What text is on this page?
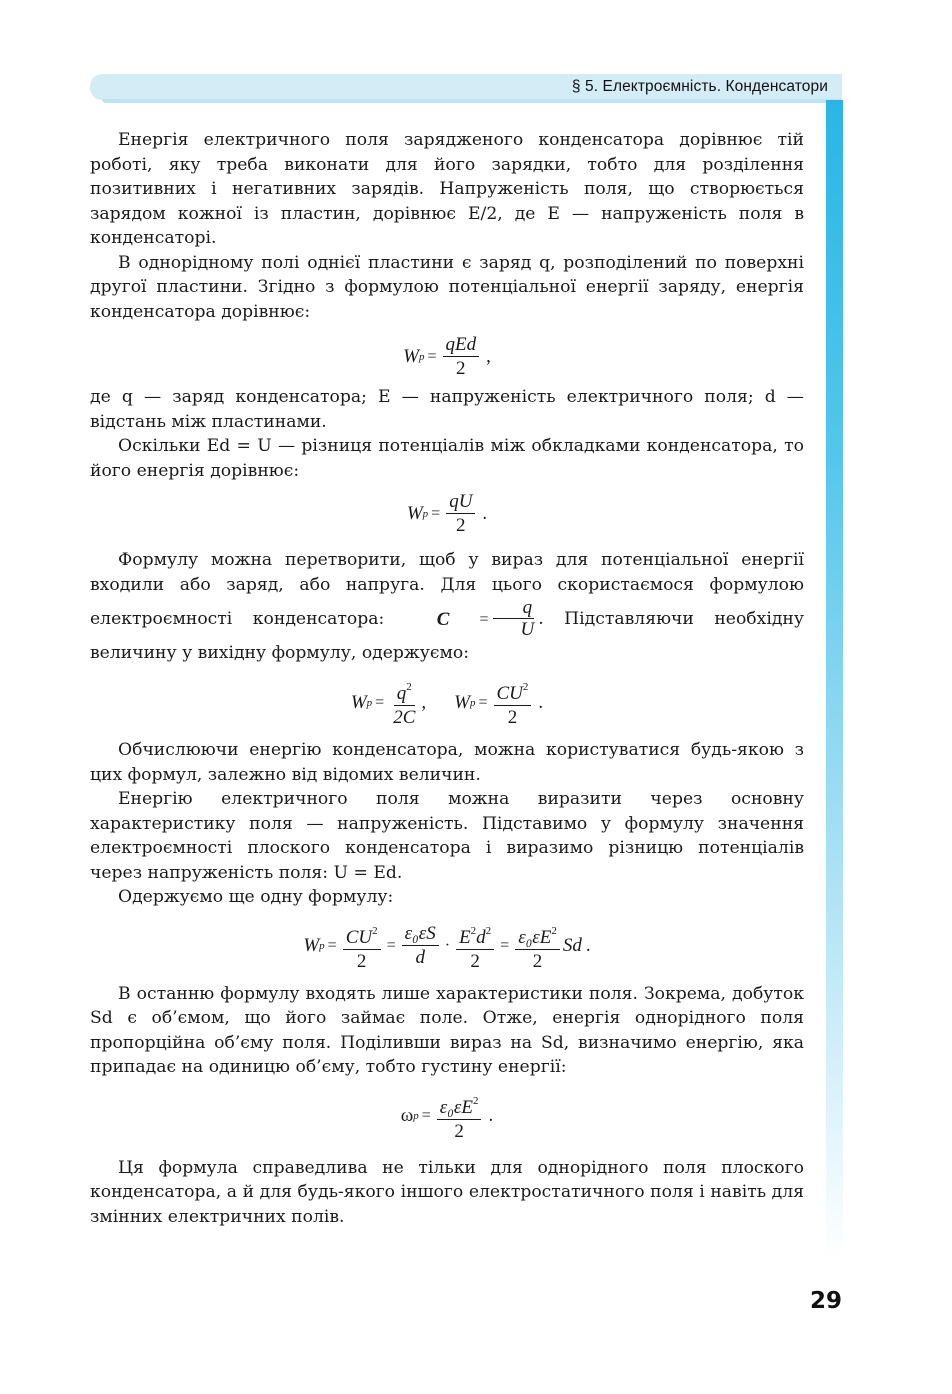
§ 5. Електроємність. Конденсатори

Енергія електричного поля зарядженого конденсатора дорівнює тій роботі, яку треба виконати для його зарядки, тобто для розділення позитивних і негативних зарядів. Напруженість поля, що створюється зарядом кожної із пластин, дорівнює E/2, де E — напруженість поля в конденсаторі.

В однорідному полі однієї пластини є заряд q, розподілений по поверхні другої пластини. Згідно з формулою потенціальної енергії заряду, енергія конденсатора дорівнює:

W $p = \frac{\text{qEd}}{2}$ ,

де q — заряд конденсатора; E — напруженість електричного поля; d — відстань між пластинами.

Оскільки Ed = U — різниця потенціалів між обкладками конденсатора, то його енергія дорівнює:

W $p = \frac{qU}{2}$ .

Формулу можна перетворити, щоб у вираз для потенціальної енергії входили або заряд, або напруга. Для цього скористаємося формулою електроємності конденсатора:	C	= $\frac{q}{U}$ . Підставляючи необхідну величину у вихідну формулу, одержуємо:

W $p = \frac{q^2}{2C}$ , W $p = \frac{CU^2}{2}$ .

Обчислюючи енергію конденсатора, можна користуватися будь-якою з цих формул, залежно від відомих величин.

Енергію електричного поля можна виразити через основну характеристику поля — напруженість. Підставимо у формулу значення електроємності плоского конденсатора і виразимо різницю потенціалів через напруженість поля: U = Ed.

Одержуємо ще одну формулу:

W $p = \frac{CU^2}{2} = \frac{\text{ε₀εS}}{d} \cdot \frac{E^2d^2}{2} = \frac{\varepsilon_0\varepsilon E^2}{2}$ Sd .

В останню формулу входять лише характеристики поля. Зокрема, добуток Sd є об’ємом, що його займає поле. Отже, енергія однорідного поля пропорційна об’єму поля. Поділивши вираз на Sd, визначимо енергію, яка припадає на одиницю об’єму, тобто густину енергії:

ω $p = \frac{\varepsilon_0\varepsilon E^2}{2}$ .

Ця формула справедлива не тільки для однорідного поля плоского конденсатора, а й для будь-якого іншого електростатичного поля і навіть для змінних електричних полів.

29
